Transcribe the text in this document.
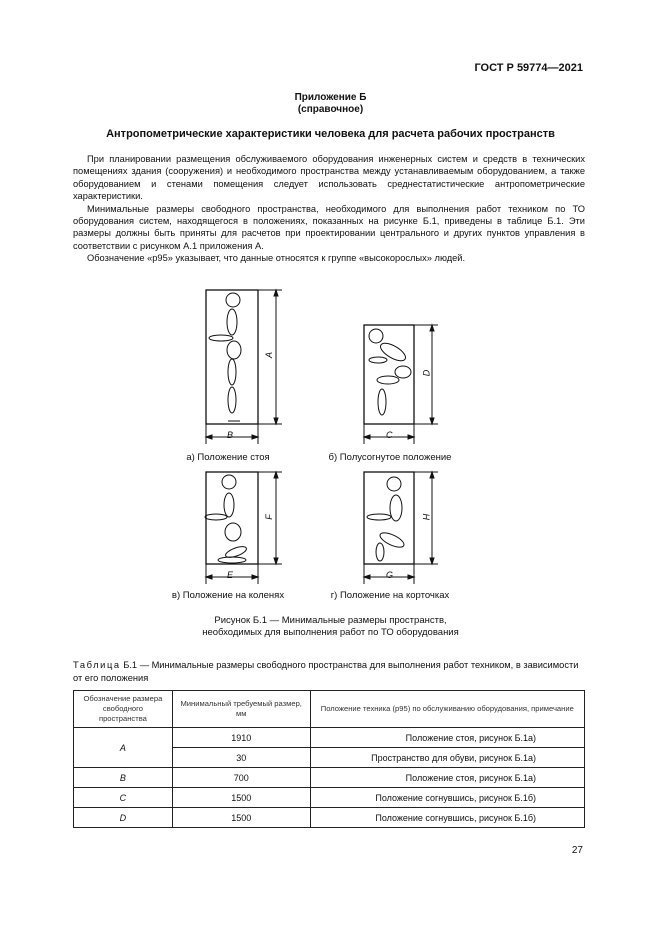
ГОСТ Р 59774—2021
Приложение Б
(справочное)
Антропометрические характеристики человека для расчета рабочих пространств

При планировании размещения обслуживаемого оборудования инженерных систем и средств в технических помещениях здания (сооружения) и необходимого пространства между устанавливаемым оборудованием, а также оборудованием и стенами помещения следует использовать среднестатистические антропометрические характеристики.

Минимальные размеры свободного пространства, необходимого для выполнения работ техником по ТО оборудования систем, находящегося в положениях, показанных на рисунке Б.1, приведены в таблице Б.1. Эти размеры должны быть приняты для расчетов при проектировании центрального и других пунктов управления в соответствии с рисунком А.1 приложения А.

Обозначение «р95» указывает, что данные относятся к группе «высокорослых» людей.

B
A
C
D
E
F
G
H
а) Положение стоя	б) Полусогнутое положение
в) Положение на коленях	г) Положение на корточках
Рисунок Б.1 — Минимальные размеры пространств,
необходимых для выполнения работ по ТО оборудования
Таблица Б.1 — Минимальные размеры свободного пространства для выполнения работ техником, в зависимости от его положения
Обозначение размера свободного пространства	Минимальный требуемый размер, мм	Положение техника (р95) по обслуживанию оборудования, примечание
A	1910	Положение стоя, рисунок Б.1а)
	30	Пространство для обуви, рисунок Б.1а)
B	700	Положение стоя, рисунок Б.1а)
C	1500	Положение согнувшись, рисунок Б.1б)
D	1500	Положение согнувшись, рисунок Б.1б)
27
